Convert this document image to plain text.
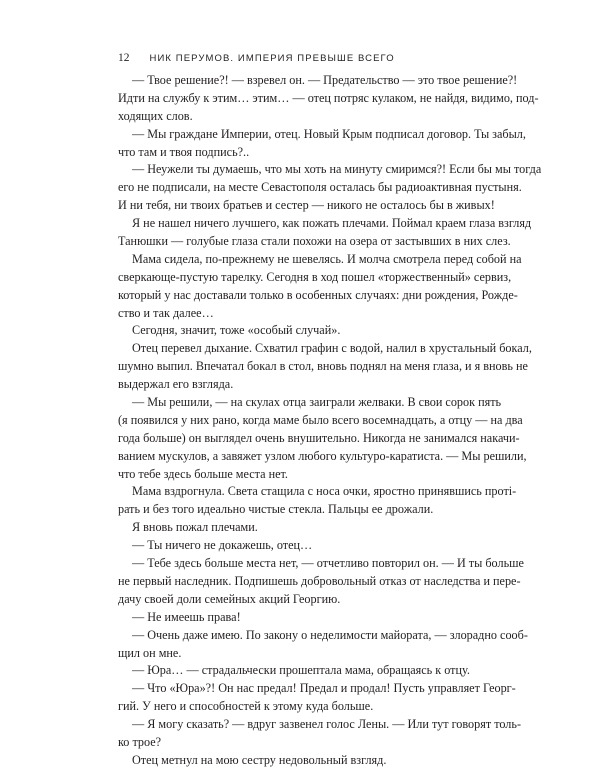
12 НИК ПЕРУМОВ. ИМПЕРИЯ ПРЕВЫШЕ ВСЕГО
— Твое решение?! — взревел он. — Предательство — это твое решение?!
Идти на службу к этим… этим… — отец потряс кулаком, не найдя, видимо, под-
ходящих слов.
— Мы граждане Империи, отец. Новый Крым подписал договор. Ты забыл,
что там и твоя подпись?..
— Неужели ты думаешь, что мы хоть на минуту смиримся?! Если бы мы тогда
его не подписали, на месте Севастополя осталась бы радиоактивная пустыня.
И ни тебя, ни твоих братьев и сестер — никого не осталось бы в живых!
Я не нашел ничего лучшего, как пожать плечами. Поймал краем глаза взгляд
Танюшки — голубые глаза стали похожи на озера от застывших в них слез.
Мама сидела, по-прежнему не шевелясь. И молча смотрела перед собой на
сверкающе-пустую тарелку. Сегодня в ход пошел «торжественный» сервиз,
который у нас доставали только в особенных случаях: дни рождения, Рожде-
ство и так далее…
Сегодня, значит, тоже «особый случай».
Отец перевел дыхание. Схватил графин с водой, налил в хрустальный бокал,
шумно выпил. Впечатал бокал в стол, вновь поднял на меня глаза, и я вновь не
выдержал его взгляда.
— Мы решили, — на скулах отца заиграли желваки. В свои сорок пять
(я появился у них рано, когда маме было всего восемнадцать, а отцу — на два
года больше) он выглядел очень внушительно. Никогда не занимался накачи-
ванием мускулов, а завяжет узлом любого культуро-каратиста. — Мы решили,
что тебе здесь больше места нет.
Мама вздрогнула. Света стащила с носа очки, яростно принявшись протi-
рать и без того идеально чистые стекла. Пальцы ее дрожали.
Я вновь пожал плечами.
— Ты ничего не докажешь, отец…
— Тебе здесь больше места нет, — отчетливо повторил он. — И ты больше
не первый наследник. Подпишешь добровольный отказ от наследства и пере-
дачу своей доли семейных акций Георгию.
— Не имеешь права!
— Очень даже имею. По закону о неделимости майората, — злорадно сооб-
щил он мне.
— Юра… — страдальчески прошептала мама, обращаясь к отцу.
— Что «Юра»?! Он нас предал! Предал и продал! Пусть управляет Георг-
гий. У него и способностей к этому куда больше.
— Я могу сказать? — вдруг зазвенел голос Лены. — Или тут говорят толь-
ко трое?
Отец метнул на мою сестру недовольный взгляд.
